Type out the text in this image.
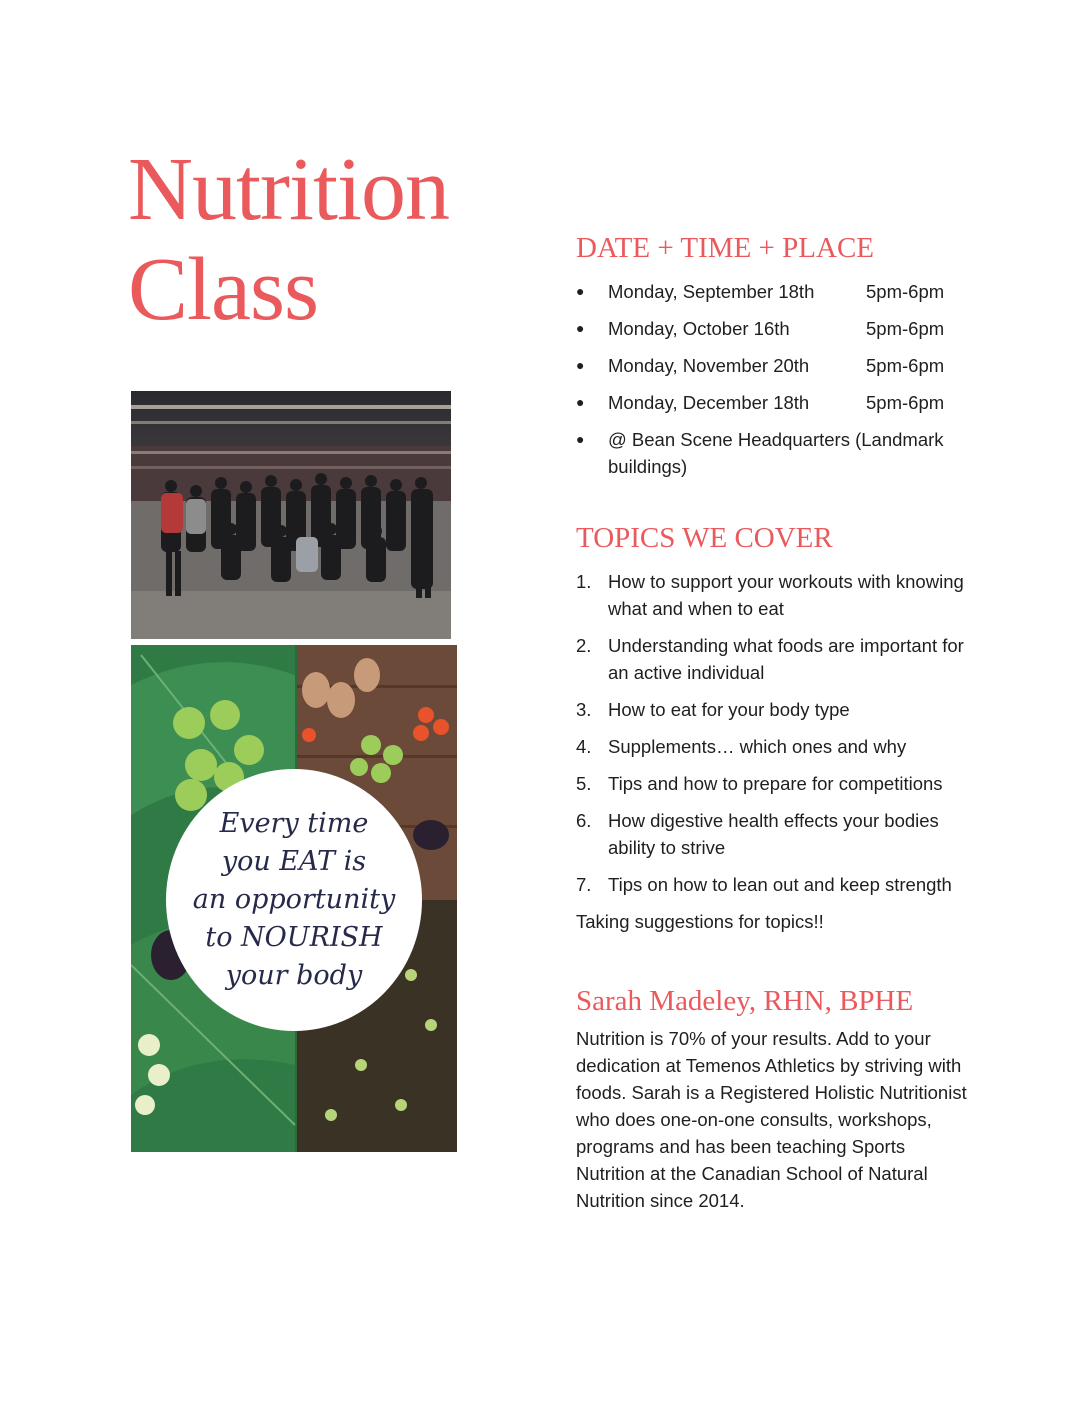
Nutrition
Class
Every time
you EAT is
an opportunity
to NOURISH
your body
DATE + TIME + PLACE
●	Monday, September 18th	5pm-6pm
●	Monday, October 16th	5pm-6pm
●	Monday, November 20th	5pm-6pm
●	Monday, December 18th	5pm-6pm
●	@ Bean Scene Headquarters (Landmark buildings)
TOPICS WE COVER
1. How to support your workouts with knowing what and when to eat
2. Understanding what foods are important for an active individual
3. How to eat for your body type
4. Supplements… which ones and why
5. Tips and how to prepare for competitions
6. How digestive health effects your bodies ability to strive
7. Tips on how to lean out and keep strength
Taking suggestions for topics!!
Sarah Madeley, RHN, BPHE
Nutrition is 70% of your results. Add to your dedication at Temenos Athletics by striving with foods. Sarah is a Registered Holistic Nutritionist who does one-on-one consults, workshops, programs and has been teaching Sports Nutrition at the Canadian School of Natural Nutrition since 2014.
